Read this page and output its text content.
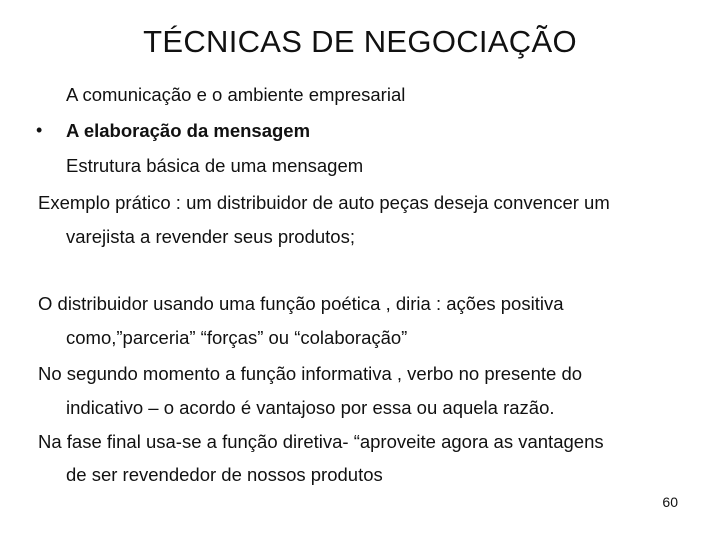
TÉCNICAS DE NEGOCIAÇÃO
A comunicação e o ambiente empresarial
• A elaboração da mensagem
Estrutura básica de uma mensagem
Exemplo prático : um distribuidor de auto peças deseja convencer um
varejista a revender seus produtos;
O distribuidor usando uma função poética , diria : ações positiva
como,”parceria” “forças” ou “colaboração”
No segundo momento a função informativa , verbo no presente do
indicativo – o acordo é vantajoso por essa ou aquela razão.
Na fase final usa-se a função diretiva- “aproveite agora as vantagens
de ser revendedor de nossos produtos
60
